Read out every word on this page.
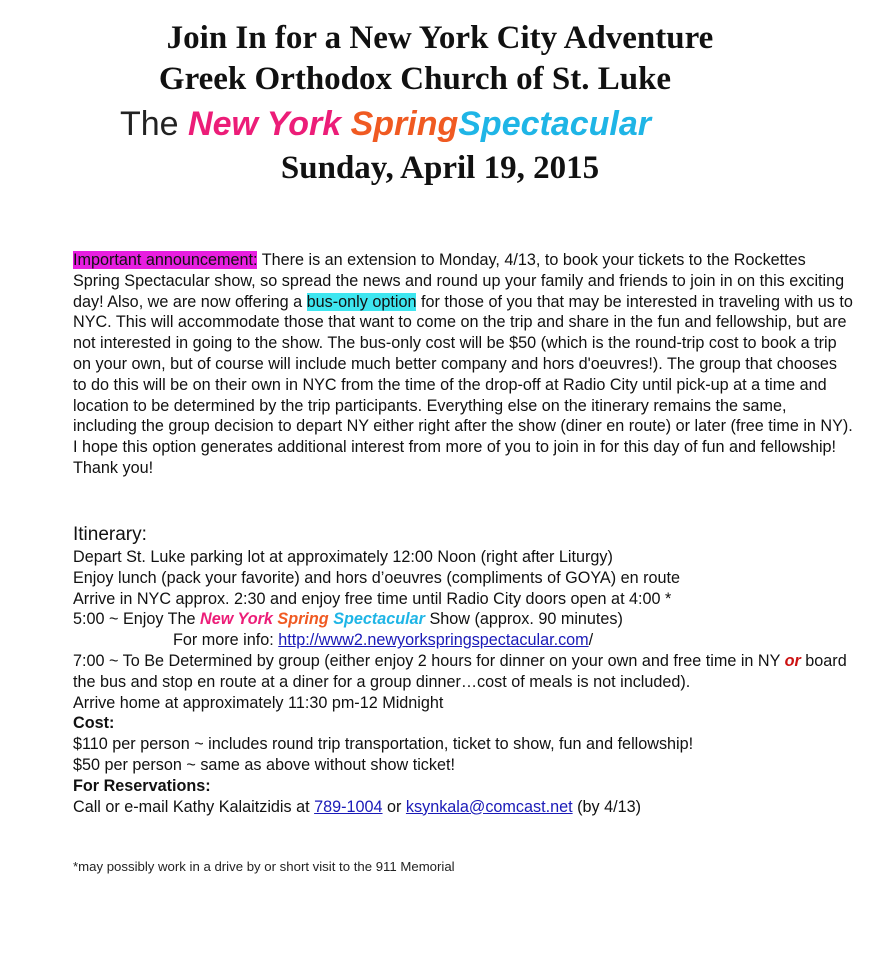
Join In for a New York City Adventure
Greek Orthodox Church of St. Luke
The New York SpringSpectacular
Sunday, April 19, 2015
Important announcement: There is an extension to Monday, 4/13, to book your tickets to the Rockettes Spring Spectacular show, so spread the news and round up your family and friends to join in on this exciting day! Also, we are now offering a bus-only option for those of you that may be interested in traveling with us to NYC. This will accommodate those that want to come on the trip and share in the fun and fellowship, but are not interested in going to the show. The bus-only cost will be $50 (which is the round-trip cost to book a trip on your own, but of course will include much better company and hors d'oeuvres!). The group that chooses to do this will be on their own in NYC from the time of the drop-off at Radio City until pick-up at a time and location to be determined by the trip participants. Everything else on the itinerary remains the same, including the group decision to depart NY either right after the show (diner en route) or later (free time in NY). I hope this option generates additional interest from more of you to join in for this day of fun and fellowship! Thank you!
Itinerary:
Depart St. Luke parking lot at approximately 12:00 Noon (right after Liturgy)
Enjoy lunch (pack your favorite) and hors d’oeuvres (compliments of GOYA) en route
Arrive in NYC approx. 2:30 and enjoy free time until Radio City doors open at 4:00 *
5:00 ~ Enjoy The New York Spring Spectacular Show (approx. 90 minutes)
For more info: http://www2.newyorkspringspectacular.com/
7:00 ~ To Be Determined by group (either enjoy 2 hours for dinner on your own and free time in NY or board the bus and stop en route at a diner for a group dinner…cost of meals is not included).
Arrive home at approximately 11:30 pm-12 Midnight
Cost:
$110 per person ~ includes round trip transportation, ticket to show, fun and fellowship!
$50 per person ~ same as above without show ticket!
For Reservations:
Call or e-mail Kathy Kalaitzidis at 789-1004 or ksynkala@comcast.net (by 4/13)
*may possibly work in a drive by or short visit to the 911 Memorial
